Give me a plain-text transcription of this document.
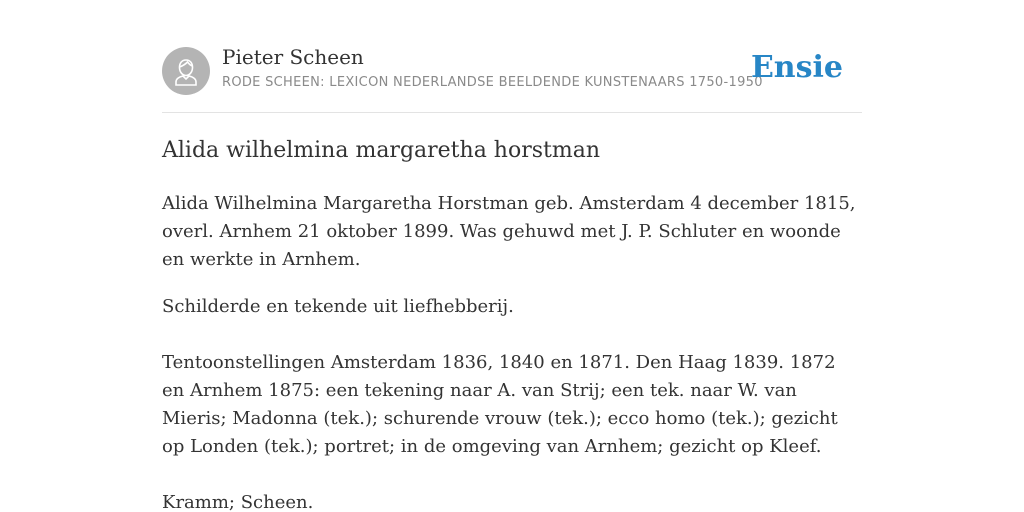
Pieter Scheen
RODE SCHEEN: LEXICON NEDERLANDSE BEELDENDE KUNSTENAARS 1750-1950
Ensie
Alida wilhelmina margaretha horstman

Alida Wilhelmina Margaretha Horstman geb. Amsterdam 4 december 1815, overl. Arnhem 21 oktober 1899. Was gehuwd met J. P. Schluter en woonde en werkte in Arnhem.

Schilderde en tekende uit liefhebberij.

Tentoonstellingen Amsterdam 1836, 1840 en 1871. Den Haag 1839. 1872 en Arnhem 1875: een tekening naar A. van Strij; een tek. naar W. van Mieris; Madonna (tek.); schurende vrouw (tek.); ecco homo (tek.); gezicht op Londen (tek.); portret; in de omgeving van Arnhem; gezicht op Kleef.

Kramm; Scheen.
